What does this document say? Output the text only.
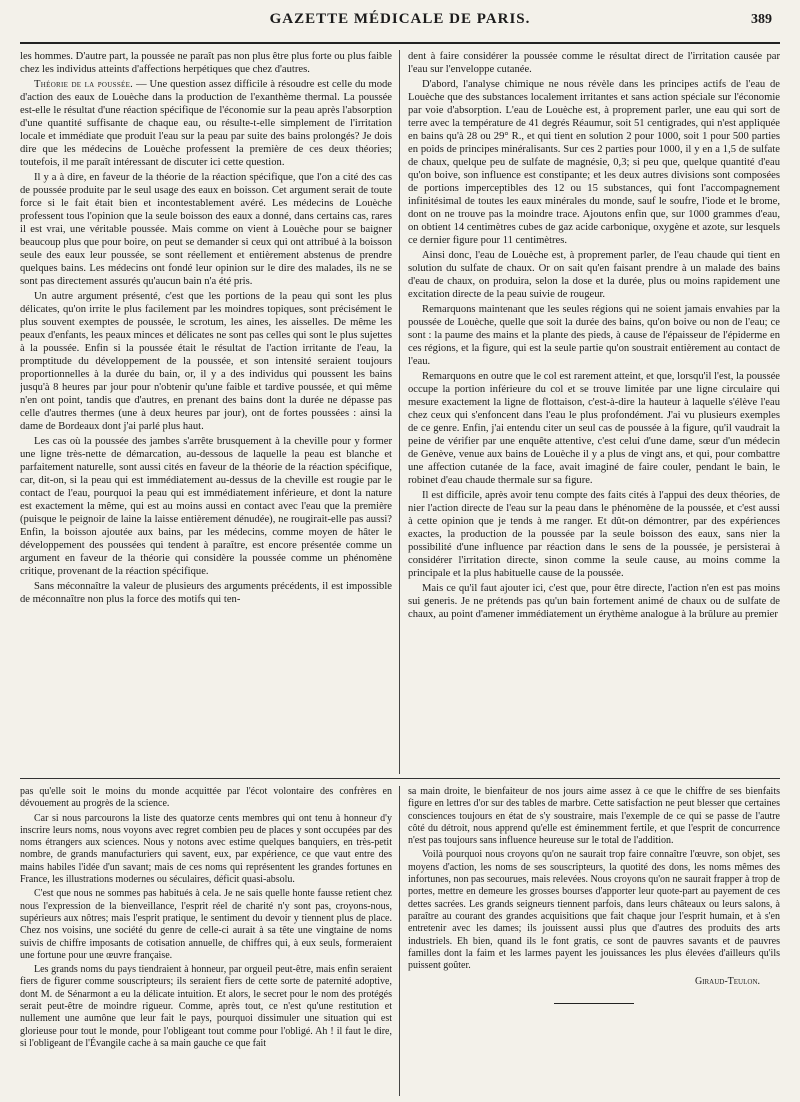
GAZETTE MÉDICALE DE PARIS.	389

les hommes. D'autre part, la poussée ne paraît pas non plus être plus forte ou plus faible chez les individus atteints d'affections herpétiques que chez d'autres.

Théorie de la poussée. — Une question assez difficile à résoudre est celle du mode d'action des eaux de Louèche dans la production de l'exanthème thermal. La poussée est-elle le résultat d'une réaction spécifique de l'économie sur la peau après l'absorption d'une quantité suffisante de chaque eau, ou résulte-t-elle simplement de l'irritation locale et immédiate que produit l'eau sur la peau par suite des bains prolongés? Je dois dire que les médecins de Louèche professent la première de ces deux théories; toutefois, il me paraît intéressant de discuter ici cette question.

Il y a à dire, en faveur de la théorie de la réaction spécifique, que l'on a cité des cas de poussée produite par le seul usage des eaux en boisson. Cet argument serait de toute force si le fait était bien et incontestablement avéré. Les médecins de Louèche professent tous l'opinion que la seule boisson des eaux a donné, dans certains cas, rares il est vrai, une véritable poussée. Mais comme on vient à Louèche pour se baigner beaucoup plus que pour boire, on peut se demander si ceux qui ont attribué à la boisson seule des eaux leur poussée, se sont réellement et entièrement abstenus de prendre quelques bains. Les médecins ont fondé leur opinion sur le dire des malades, ils ne se sont pas directement assurés qu'aucun bain n'a été pris.

Un autre argument présenté, c'est que les portions de la peau qui sont les plus délicates, qu'on irrite le plus facilement par les moindres topiques, sont précisément le plus souvent exemptes de poussée, le scrotum, les aines, les aisselles. De même les peaux d'enfants, les peaux minces et délicates ne sont pas celles qui sont le plus sujettes à la poussée. Enfin si la poussée était le résultat de l'action irritante de l'eau, la promptitude du développement de la poussée, et son intensité seraient toujours proportionnelles à la durée du bain, or, il y a des individus qui poussent les bains jusqu'à 8 heures par jour pour n'obtenir qu'une faible et tardive poussée, et qui même n'en ont point, tandis que d'autres, en prenant des bains dont la durée ne dépasse pas celle d'autres thermes (une à deux heures par jour), ont de fortes poussées : ainsi la dame de Bordeaux dont j'ai parlé plus haut.

Les cas où la poussée des jambes s'arrête brusquement à la cheville pour y former une ligne très-nette de démarcation, au-dessous de laquelle la peau est blanche et parfaitement naturelle, sont aussi cités en faveur de la théorie de la réaction spécifique, car, dit-on, si la peau qui est immédiatement au-dessus de la cheville est rougie par le contact de l'eau, pourquoi la peau qui est immédiatement inférieure, et dont la nature est exactement la même, qui est au moins aussi en contact avec l'eau que la première (puisque le peignoir de laine la laisse entièrement dénudée), ne rougirait-elle pas aussi? Enfin, la boisson ajoutée aux bains, par les médecins, comme moyen de hâter le développement des poussées qui tendent à paraître, est encore présentée comme un argument en faveur de la théorie qui considère la poussée comme un phénomène critique, provenant de la réaction spécifique.

Sans méconnaître la valeur de plusieurs des arguments précédents, il est impossible de méconnaître non plus la force des motifs qui ten-

dent à faire considérer la poussée comme le résultat direct de l'irritation causée par l'eau sur l'enveloppe cutanée.

D'abord, l'analyse chimique ne nous révèle dans les principes actifs de l'eau de Louèche que des substances localement irritantes et sans action spéciale sur l'économie par voie d'absorption. L'eau de Louèche est, à proprement parler, une eau qui sort de terre avec la température de 41 degrés Réaumur, soit 51 centigrades, qui n'est appliquée en bains qu'à 28 ou 29° R., et qui tient en solution 2 pour 1000, soit 1 pour 500 parties en poids de principes minéralisants. Sur ces 2 parties pour 1000, il y en a 1,5 de sulfate de chaux, quelque peu de sulfate de magnésie, 0,3; si peu que, quelque quantité d'eau qu'on boive, son influence est constipante; et les deux autres divisions sont composées de portions imperceptibles des 12 ou 15 substances, qui font l'accompagnement infinitésimal de toutes les eaux minérales du monde, sauf le soufre, l'iode et le brome, dont on ne trouve pas la moindre trace. Ajoutons enfin que, sur 1000 grammes d'eau, on obtient 14 centimètres cubes de gaz acide carbonique, oxygène et azote, sur lesquels ce dernier figure pour 11 centimètres.

Ainsi donc, l'eau de Louèche est, à proprement parler, de l'eau chaude qui tient en solution du sulfate de chaux. Or on sait qu'en faisant prendre à un malade des bains d'eau de chaux, on produira, selon la dose et la durée, plus ou moins rapidement une excitation directe de la peau suivie de rougeur.

Remarquons maintenant que les seules régions qui ne soient jamais envahies par la poussée de Louèche, quelle que soit la durée des bains, qu'on boive ou non de l'eau; ce sont : la paume des mains et la plante des pieds, à cause de l'épaisseur de l'épiderme en ces régions, et la figure, qui est la seule partie qu'on soustrait entièrement au contact de l'eau.

Remarquons en outre que le col est rarement atteint, et que, lorsqu'il l'est, la poussée occupe la portion inférieure du col et se trouve limitée par une ligne circulaire qui mesure exactement la ligne de flottaison, c'est-à-dire la hauteur à laquelle s'élève l'eau chez ceux qui s'enfoncent dans l'eau le plus profondément. J'ai vu plusieurs exemples de ce genre. Enfin, j'ai entendu citer un seul cas de poussée à la figure, qu'il vaudrait la peine de vérifier par une enquête attentive, c'est celui d'une dame, sœur d'un médecin de Genève, venue aux bains de Louèche il y a plus de vingt ans, et qui, pour combattre une affection cutanée de la face, avait imaginé de faire couler, pendant le bain, le robinet d'eau chaude thermale sur sa figure.

Il est difficile, après avoir tenu compte des faits cités à l'appui des deux théories, de nier l'action directe de l'eau sur la peau dans le phénomène de la poussée, et c'est aussi à cette opinion que je tends à me ranger. Et dût-on démontrer, par des expériences exactes, la production de la poussée par la seule boisson des eaux, sans nier la possibilité d'une influence par réaction dans le sens de la poussée, je persisterai à considérer l'irritation directe, sinon comme la seule cause, au moins comme la principale et la plus habituelle cause de la poussée.

Mais ce qu'il faut ajouter ici, c'est que, pour être directe, l'action n'en est pas moins sui generis. Je ne prétends pas qu'un bain fortement animé de chaux ou de sulfate de chaux, au point d'amener immédiatement un érythème analogue à la brûlure au premier

pas qu'elle soit le moins du monde acquittée par l'écot volontaire des confrères en dévouement au progrès de la science.

Car si nous parcourons la liste des quatorze cents membres qui ont tenu à honneur d'y inscrire leurs noms, nous voyons avec regret combien peu de places y sont occupées par des noms étrangers aux sciences. Nous y notons avec estime quelques banquiers, en très-petit nombre, de grands manufacturiers qui savent, eux, par expérience, ce que vaut entre des mains habiles l'idée d'un savant; mais de ces noms qui représentent les grandes fortunes en France, les illustrations modernes ou séculaires, déficit quasi-absolu.

C'est que nous ne sommes pas habitués à cela. Je ne sais quelle honte fausse retient chez nous l'expression de la bienveillance, l'esprit réel de charité n'y sont pas, croyons-nous, supérieurs aux nôtres; mais l'esprit pratique, le sentiment du devoir y tiennent plus de place. Chez nos voisins, une société du genre de celle-ci aurait à sa tête une vingtaine de noms suivis de chiffre imposants de cotisation annuelle, de chiffres qui, à eux seuls, formeraient une fortune pour une œuvre française.

Les grands noms du pays tiendraient à honneur, par orgueil peut-être, mais enfin seraient fiers de figurer comme souscripteurs; ils seraient fiers de cette sorte de paternité adoptive, dont M. de Sénarmont a eu la délicate intuition. Et alors, le secret pour le nom des protégés serait peut-être de moindre rigueur. Comme, après tout, ce n'est qu'une restitution et nullement une aumône que leur fait le pays, pourquoi dissimuler une situation qui est glorieuse pour tout le monde, pour l'obligeant tout comme pour l'obligé. Ah ! il faut le dire, si l'obligeant de l'Évangile cache à sa main gauche ce que fait

sa main droite, le bienfaiteur de nos jours aime assez à ce que le chiffre de ses bienfaits figure en lettres d'or sur des tables de marbre. Cette satisfaction ne peut blesser que certaines consciences toujours en état de s'y soustraire, mais l'exemple de ce qui se passe de l'autre côté du détroit, nous apprend qu'elle est éminemment fertile, et que l'esprit de concurrence n'est pas toujours sans influence heureuse sur le total de l'addition.

Voilà pourquoi nous croyons qu'on ne saurait trop faire connaître l'œuvre, son objet, ses moyens d'action, les noms de ses souscripteurs, la quotité des dons, les noms mêmes des infortunes, non pas secourues, mais relevées. Nous croyons qu'on ne saurait frapper à trop de portes, mettre en demeure les grosses bourses d'apporter leur quote-part au payement de ces dettes sacrées. Les grands seigneurs tiennent parfois, dans leurs châteaux ou leurs salons, à paraître au courant des grandes acquisitions que fait chaque jour l'esprit humain, et à s'en entretenir avec les dames; ils jouissent aussi plus que d'autres des produits des arts industriels. Eh bien, quand ils le font gratis, ce sont de pauvres savants et de pauvres familles dont la faim et les larmes payent les jouissances les plus élevées d'ailleurs qu'ils puissent goûter.

Giraud-Teulon.
